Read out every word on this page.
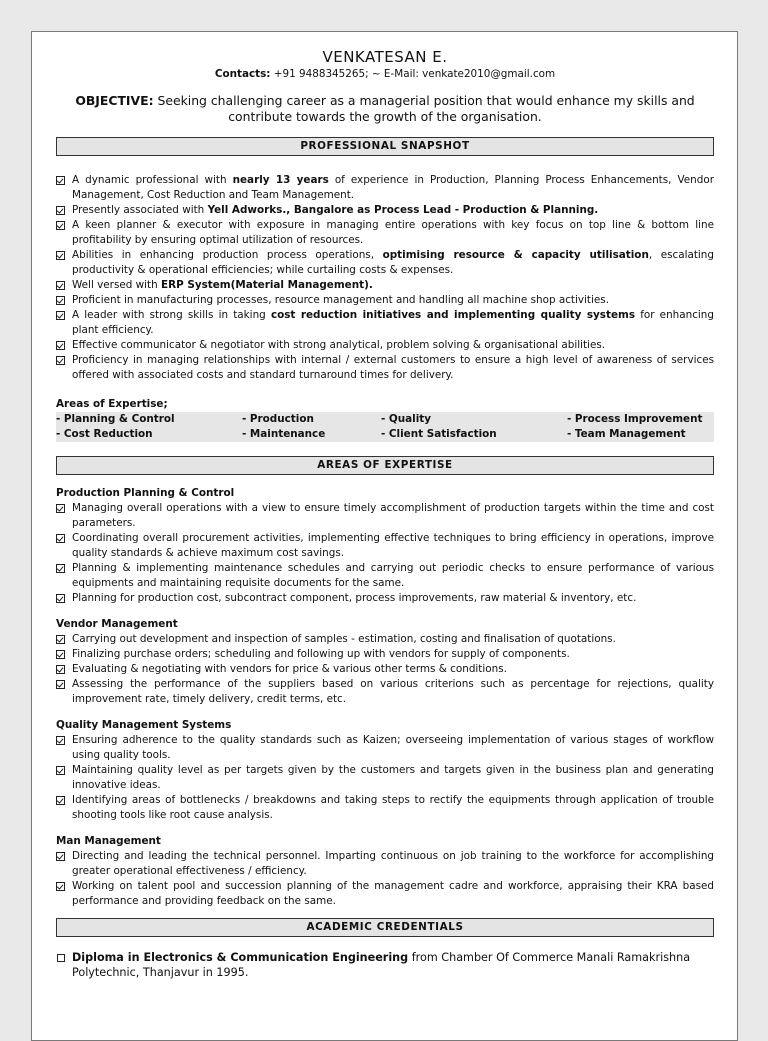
VENKATESAN E.
Contacts: +91 9488345265; ~ E-Mail: venkate2010@gmail.com
OBJECTIVE: Seeking challenging career as a managerial position that would enhance my skills and contribute towards the growth of the organisation.
PROFESSIONAL SNAPSHOT
A dynamic professional with nearly 13 years of experience in Production, Planning Process Enhancements, Vendor Management, Cost Reduction and Team Management.
Presently associated with Yell Adworks., Bangalore as Process Lead - Production & Planning.
A keen planner & executor with exposure in managing entire operations with key focus on top line & bottom line profitability by ensuring optimal utilization of resources.
Abilities in enhancing production process operations, optimising resource & capacity utilisation, escalating productivity & operational efficiencies; while curtailing costs & expenses.
Well versed with ERP System(Material Management).
Proficient in manufacturing processes, resource management and handling all machine shop activities.
A leader with strong skills in taking cost reduction initiatives and implementing quality systems for enhancing plant efficiency.
Effective communicator & negotiator with strong analytical, problem solving & organisational abilities.
Proficiency in managing relationships with internal / external customers to ensure a high level of awareness of services offered with associated costs and standard turnaround times for delivery.
Areas of Expertise;
- Planning & Control	- Production	- Quality	- Process Improvement
- Cost Reduction	- Maintenance	- Client Satisfaction	- Team Management
AREAS OF EXPERTISE
Production Planning & Control
Managing overall operations with a view to ensure timely accomplishment of production targets within the time and cost parameters.
Coordinating overall procurement activities, implementing effective techniques to bring efficiency in operations, improve quality standards & achieve maximum cost savings.
Planning & implementing maintenance schedules and carrying out periodic checks to ensure performance of various equipments and maintaining requisite documents for the same.
Planning for production cost, subcontract component, process improvements, raw material & inventory, etc.
Vendor Management
Carrying out development and inspection of samples - estimation, costing and finalisation of quotations.
Finalizing purchase orders; scheduling and following up with vendors for supply of components.
Evaluating & negotiating with vendors for price & various other terms & conditions.
Assessing the performance of the suppliers based on various criterions such as percentage for rejections, quality improvement rate, timely delivery, credit terms, etc.
Quality Management Systems
Ensuring adherence to the quality standards such as Kaizen; overseeing implementation of various stages of workflow using quality tools.
Maintaining quality level as per targets given by the customers and targets given in the business plan and generating innovative ideas.
Identifying areas of bottlenecks / breakdowns and taking steps to rectify the equipments through application of trouble shooting tools like root cause analysis.
Man Management
Directing and leading the technical personnel. Imparting continuous on job training to the workforce for accomplishing greater operational effectiveness / efficiency.
Working on talent pool and succession planning of the management cadre and workforce, appraising their KRA based performance and providing feedback on the same.
ACADEMIC CREDENTIALS
Diploma in Electronics & Communication Engineering from Chamber Of Commerce Manali Ramakrishna Polytechnic, Thanjavur in 1995.
